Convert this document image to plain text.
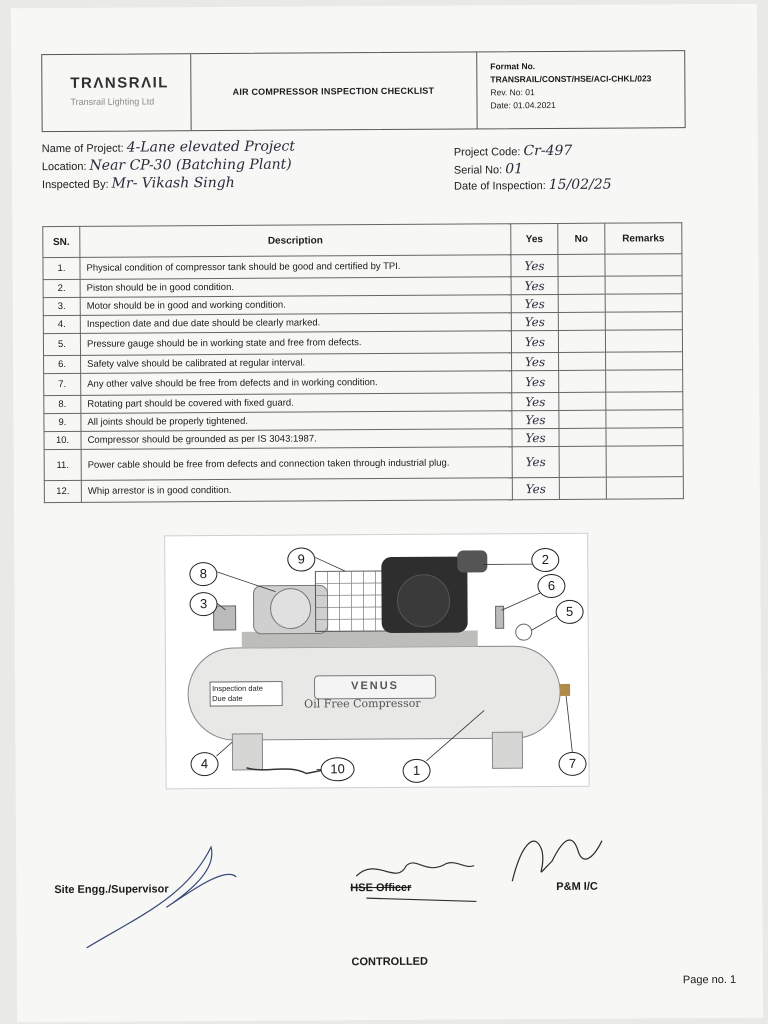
TRΛNSRΛIL
Transrail Lighting Ltd
AIR COMPRESSOR INSPECTION CHECKLIST
Format No.
TRANSRAIL/CONST/HSE/ACI-CHKL/023
Rev. No: 01
Date: 01.04.2021
Name of Project: 4-Lane elevated Project
Location: Near CP-30 (Batching Plant)
Inspected By: Mr- Vikash Singh
Project Code: Cr-497
Serial No: 01
Date of Inspection: 15/02/25
SN.	Description	Yes	No	Remarks
1.	Physical condition of compressor tank should be good and certified by TPI.	Yes		
2.	Piston should be in good condition.	Yes		
3.	Motor should be in good and working condition.	Yes		
4.	Inspection date and due date should be clearly marked.	Yes		
5.	Pressure gauge should be in working state and free from defects.	Yes		
6.	Safety valve should be calibrated at regular interval.	Yes		
7.	Any other valve should be free from defects and in working condition.	Yes		
8.	Rotating part should be covered with fixed guard.	Yes		
9.	All joints should be properly tightened.	Yes		
10.	Compressor should be grounded as per IS 3043:1987.	Yes		
11.	Power cable should be free from defects and connection taken through industrial plug.	Yes		
12.	Whip arrestor is in good condition.	Yes		
VENUS
Oil Free Compressor
Inspection date
Due date
8
9
3
2
6
5
4	10	1	7
Site Engg./Supervisor	HSE Officer	P&M I/C
CONTROLLED
Page no. 1
